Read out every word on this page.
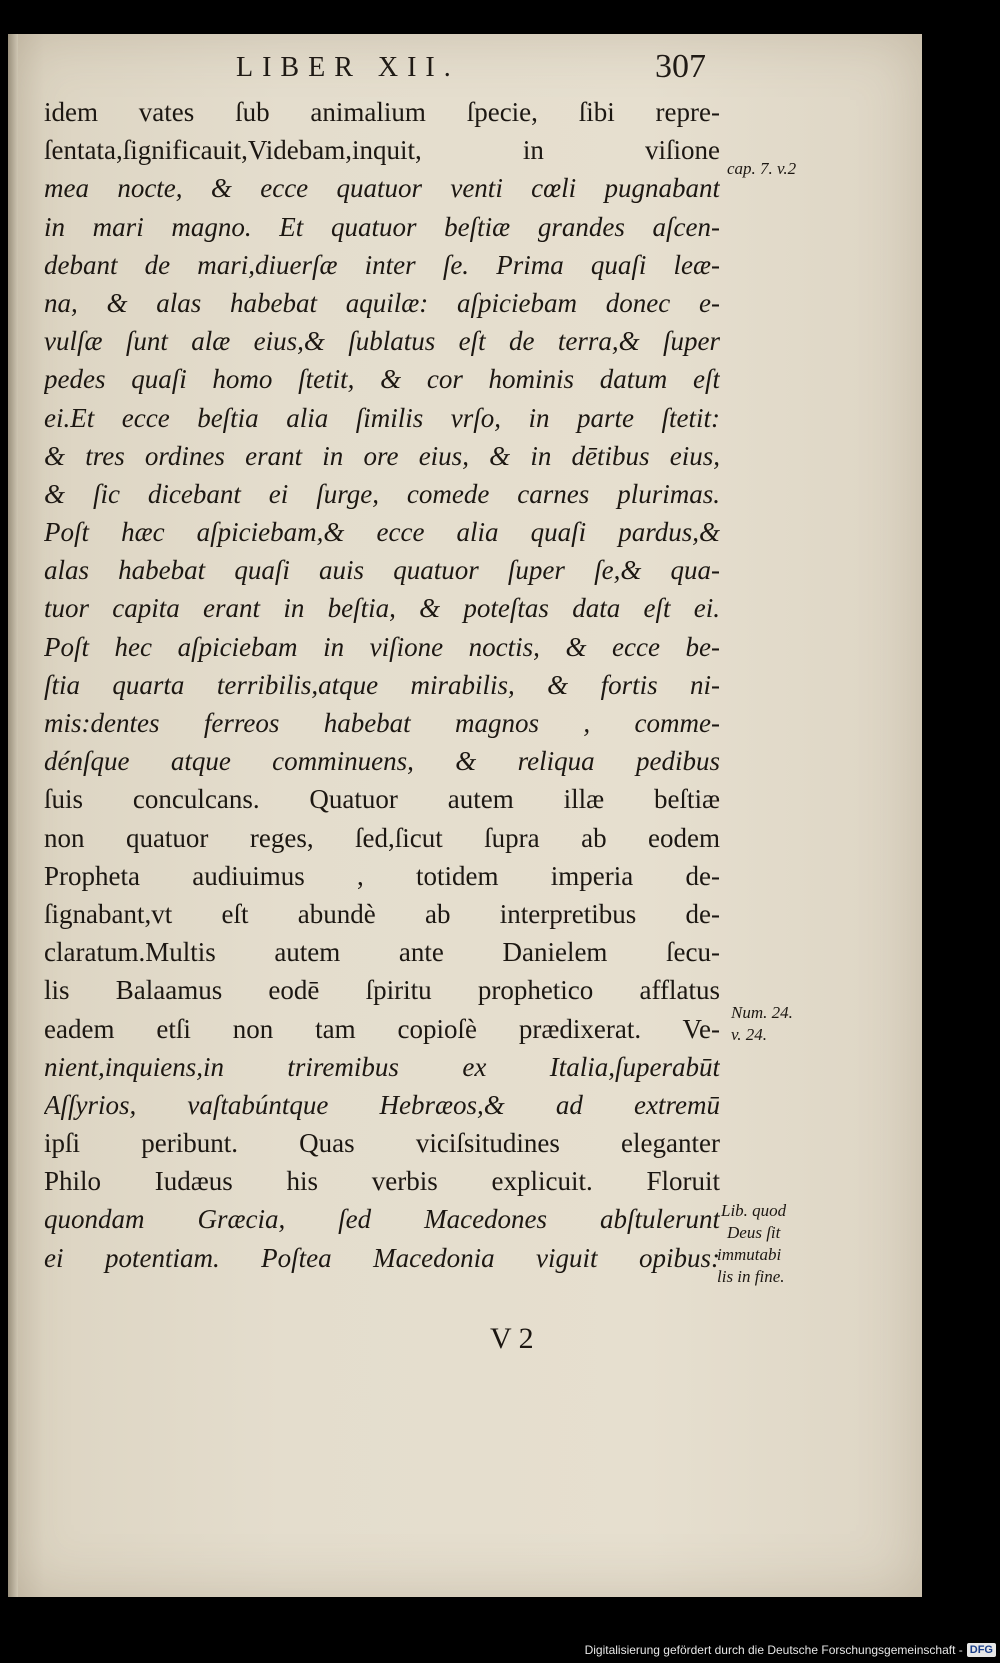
LIBER XII.	307
idem vates ſub animalium ſpecie, ſibi repre-
ſentata,ſignificauit,Videbam,inquit, in viſione
mea nocte, & ecce quatuor venti cœli pugnabant
in mari magno. Et quatuor beſtiæ grandes aſcen-
debant de mari,diuerſæ inter ſe. Prima quaſi leæ-
na, & alas habebat aquilæ: aſpiciebam donec e-
vulſæ ſunt alæ eius,& ſublatus eſt de terra,& ſuper
pedes quaſi homo ſtetit, & cor hominis datum eſt
ei.Et ecce beſtia alia ſimilis vrſo, in parte ſtetit:
& tres ordines erant in ore eius, & in dētibus eius,
& ſic dicebant ei ſurge, comede carnes plurimas.
Poſt hæc aſpiciebam,& ecce alia quaſi pardus,&
alas habebat quaſi auis quatuor ſuper ſe,& qua-
tuor capita erant in beſtia, & poteſtas data eſt ei.
Poſt hec aſpiciebam in viſione noctis, & ecce be-
ſtia quarta terribilis,atque mirabilis, & fortis ni-
mis:dentes ferreos habebat magnos , comme-
dénſque atque comminuens, & reliqua pedibus
ſuis conculcans. Quatuor autem illæ beſtiæ
non quatuor reges, ſed,ſicut ſupra ab eodem
Propheta audiuimus , totidem imperia de-
ſignabant,vt eſt abundè ab interpretibus de-
claratum.Multis autem ante Danielem ſecu-
lis Balaamus eodē ſpiritu prophetico afflatus
eadem etſi non tam copioſè prædixerat. Ve-
nient,inquiens,in triremibus ex Italia,ſuperabūt
Aſſyrios, vaſtabúntque Hebræos,& ad extremū
ipſi peribunt. Quas viciſsitudines eleganter
Philo Iudæus his verbis explicuit. Floruit
quondam Græcia, ſed Macedones abſtulerunt
ei potentiam. Poſtea Macedonia viguit opibus:
cap. 7. v.2
Num. 24.
v. 24.
Lib. quod
Deus ſit
immutabi
lis in fine.
V 2
Digitalisierung gefördert durch die Deutsche Forschungsgemeinschaft - DFG
